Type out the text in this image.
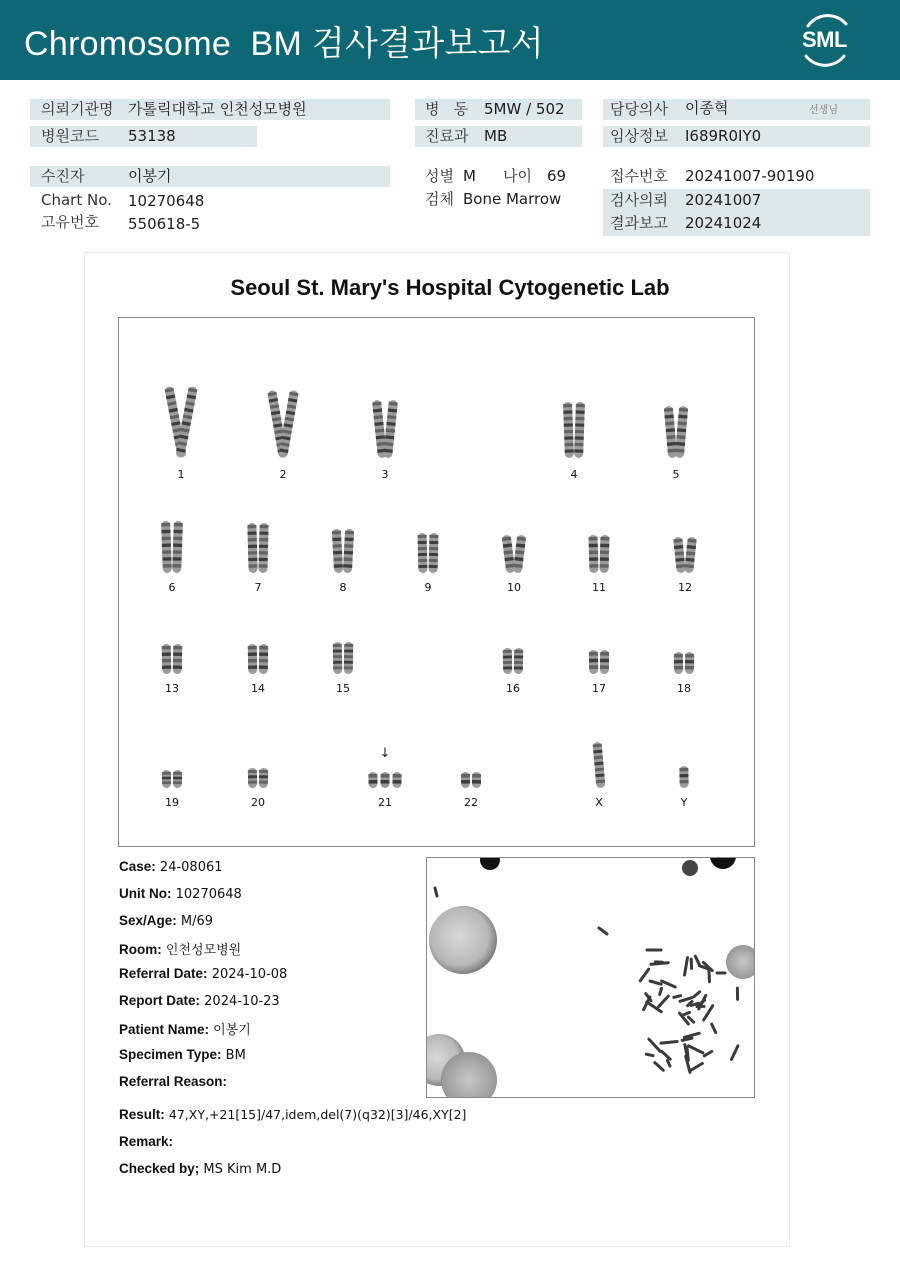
Chromosome  BM 검사결과보고서	SML
의뢰기관명 가톨릭대학교 인천성모병원
병원코드 53138
수진자	이봉기
Chart No. 10270648
고유번호 550618-5
병   동 5MW / 502
진료과 MB
성별 M 나이 69
검체 Bone Marrow
담당의사 이종혁	선생님
임상정보 I689R0IY0
접수번호 20241007-90190
검사의뢰 20241007
결과보고 20241024
Seoul St. Mary's Hospital Cytogenetic Lab
1	2	3	4	5
6	7	8	9	10	11	12
13	14	15	16	17	18
↓
19	20	21	22	X	Y
Case: 24-08061
Unit No: 10270648
Sex/Age: M/69
Room: 인천성모병원
Referral Date: 2024-10-08
Report Date: 2024-10-23
Patient Name: 이봉기
Specimen Type: BM
Referral Reason:
Result: 47,XY,+21[15]/47,idem,del(7)(q32)[3]/46,XY[2]
Remark:
Checked by; MS Kim M.D
